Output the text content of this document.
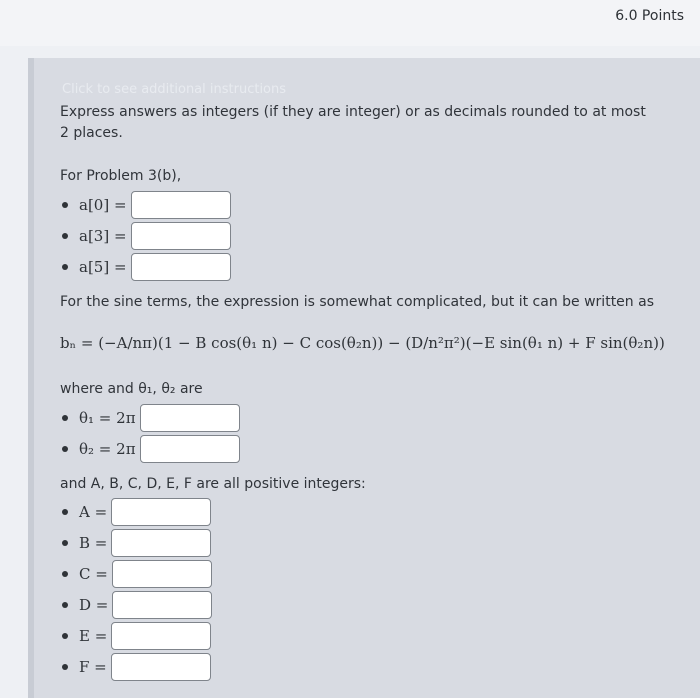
6.0 Points
Click to see additional instructions
Express answers as integers (if they are integer) or as decimals rounded to at most 2 places.
For Problem 3(b),
a[0] =
a[3] =
a[5] =
For the sine terms, the expression is somewhat complicated, but it can be written as
bₙ = (−A/nπ)(1 − B cos(θ₁ n) − C cos(θ₂n)) − (D/n²π²)(−E sin(θ₁ n) + F sin(θ₂n))
where and θ₁, θ₂ are
θ₁ = 2π
θ₂ = 2π
and A, B, C, D, E, F are all positive integers:
A =
B =
C =
D =
E =
F =
